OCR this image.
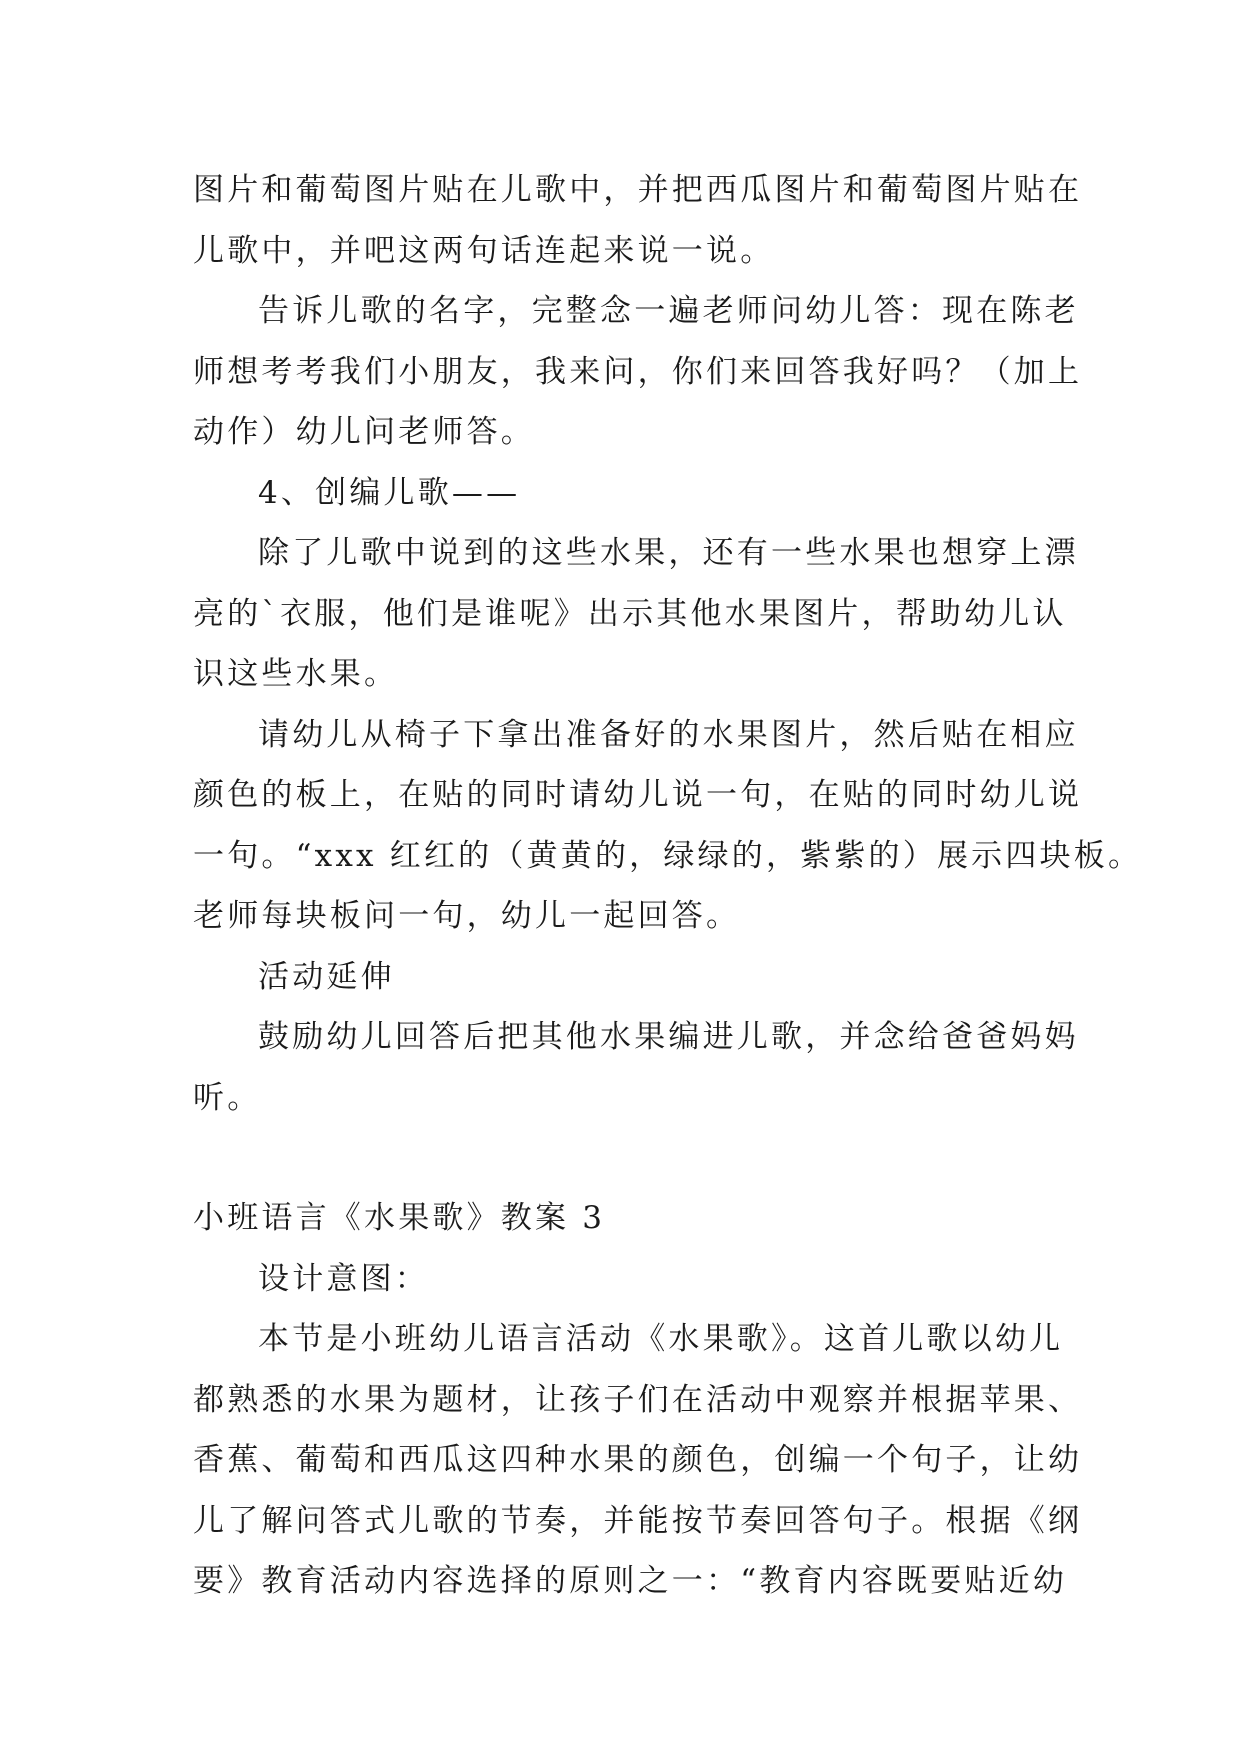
图片和葡萄图片贴在儿歌中，并把西瓜图片和葡萄图片贴在
儿歌中，并吧这两句话连起来说一说。
告诉儿歌的名字，完整念一遍老师问幼儿答：现在陈老
师想考考我们小朋友，我来问，你们来回答我好吗？（加上
动作）幼儿问老师答。
4、创编儿歌——
除了儿歌中说到的这些水果，还有一些水果也想穿上漂
亮的`衣服，他们是谁呢》出示其他水果图片，帮助幼儿认
识这些水果。
请幼儿从椅子下拿出准备好的水果图片，然后贴在相应
颜色的板上，在贴的同时请幼儿说一句，在贴的同时幼儿说
一句。“xxx 红红的（黄黄的，绿绿的，紫紫的）展示四块板。
老师每块板问一句，幼儿一起回答。
活动延伸
鼓励幼儿回答后把其他水果编进儿歌，并念给爸爸妈妈
听。
小班语言《水果歌》教案 3
设计意图：
本节是小班幼儿语言活动《水果歌》。这首儿歌以幼儿
都熟悉的水果为题材，让孩子们在活动中观察并根据苹果、
香蕉、葡萄和西瓜这四种水果的颜色，创编一个句子，让幼
儿了解问答式儿歌的节奏，并能按节奏回答句子。根据《纲
要》教育活动内容选择的原则之一：“教育内容既要贴近幼
